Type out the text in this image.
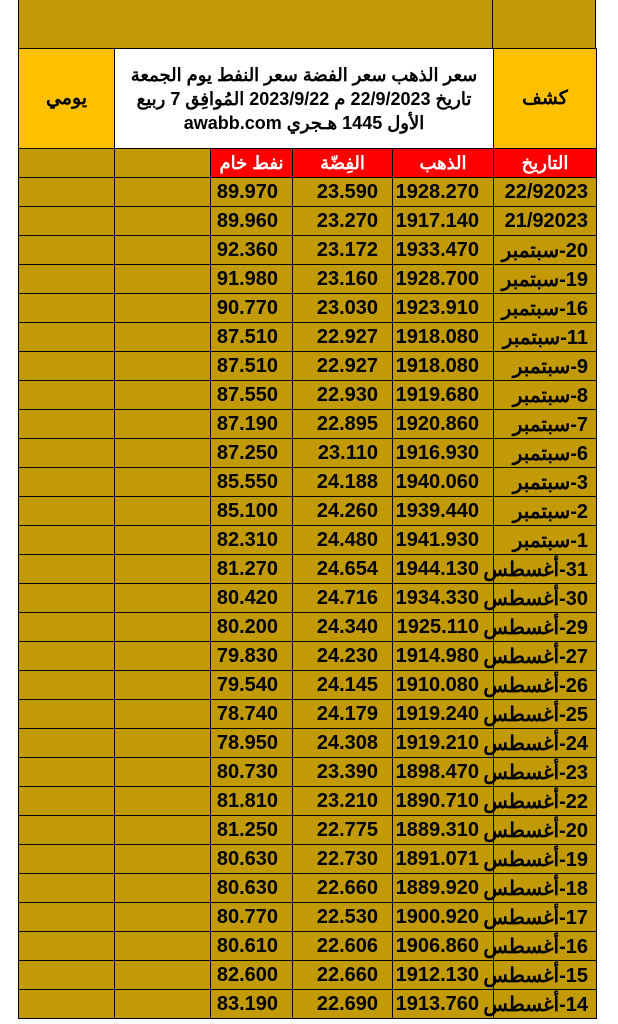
يومي	سعر الذهب سعر الفضة سعر النفط يوم الجمعة تاريخ 22/9/2023 م 2023/9/22 المُوافِق 7 ربيع الأول 1445 هـجري awabb.com				كشف
		نفط خام	الفِضّة	الذهب	التاريخ
		89.970	23.590	1928.270	22/92023
		89.960	23.270	1917.140	21/92023
		92.360	23.172	1933.470	20-سبتمبر
		91.980	23.160	1928.700	19-سبتمبر
		90.770	23.030	1923.910	16-سبتمبر
		87.510	22.927	1918.080	11-سبتمبر
		87.510	22.927	1918.080	9-سبتمبر
		87.550	22.930	1919.680	8-سبتمبر
		87.190	22.895	1920.860	7-سبتمبر
		87.250	23.110	1916.930	6-سبتمبر
		85.550	24.188	1940.060	3-سبتمبر
		85.100	24.260	1939.440	2-سبتمبر
		82.310	24.480	1941.930	1-سبتمبر
		81.270	24.654	1944.130	31-أغسطس
		80.420	24.716	1934.330	30-أغسطس
		80.200	24.340	1925.110	29-أغسطس
		79.830	24.230	1914.980	27-أغسطس
		79.540	24.145	1910.080	26-أغسطس
		78.740	24.179	1919.240	25-أغسطس
		78.950	24.308	1919.210	24-أغسطس
		80.730	23.390	1898.470	23-أغسطس
		81.810	23.210	1890.710	22-أغسطس
		81.250	22.775	1889.310	20-أغسطس
		80.630	22.730	1891.071	19-أغسطس
		80.630	22.660	1889.920	18-أغسطس
		80.770	22.530	1900.920	17-أغسطس
		80.610	22.606	1906.860	16-أغسطس
		82.600	22.660	1912.130	15-أغسطس
		83.190	22.690	1913.760	14-أغسطس
